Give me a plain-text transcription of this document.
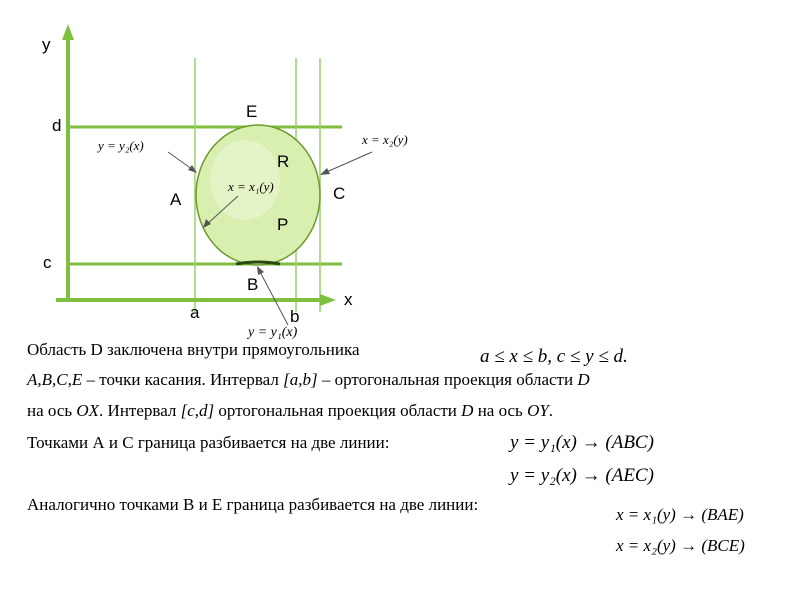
y
x
d
c
a	b
E
A	C
B
R
P
y = y₂(x)	x = x₂(y)
x = x₁(y)
y = y₁(x)
Область D заключена внутри прямоугольника	a ≤ x ≤ b, c ≤ y ≤ d.
A,B,C,E – точки касания. Интервал [a,b] – ортогональная проекция области D
на ось OX. Интервал [c,d] ортогональная проекция области D на ось OY.
Точками А и С граница разбивается на две линии:	y = y₁(x) → (ABC)
y = y₂(x) → (AEC)
Аналогично точками В и Е граница разбивается на две линии:
x = x₁(y) → (BAE)
x = x₂(y) → (BCE)
